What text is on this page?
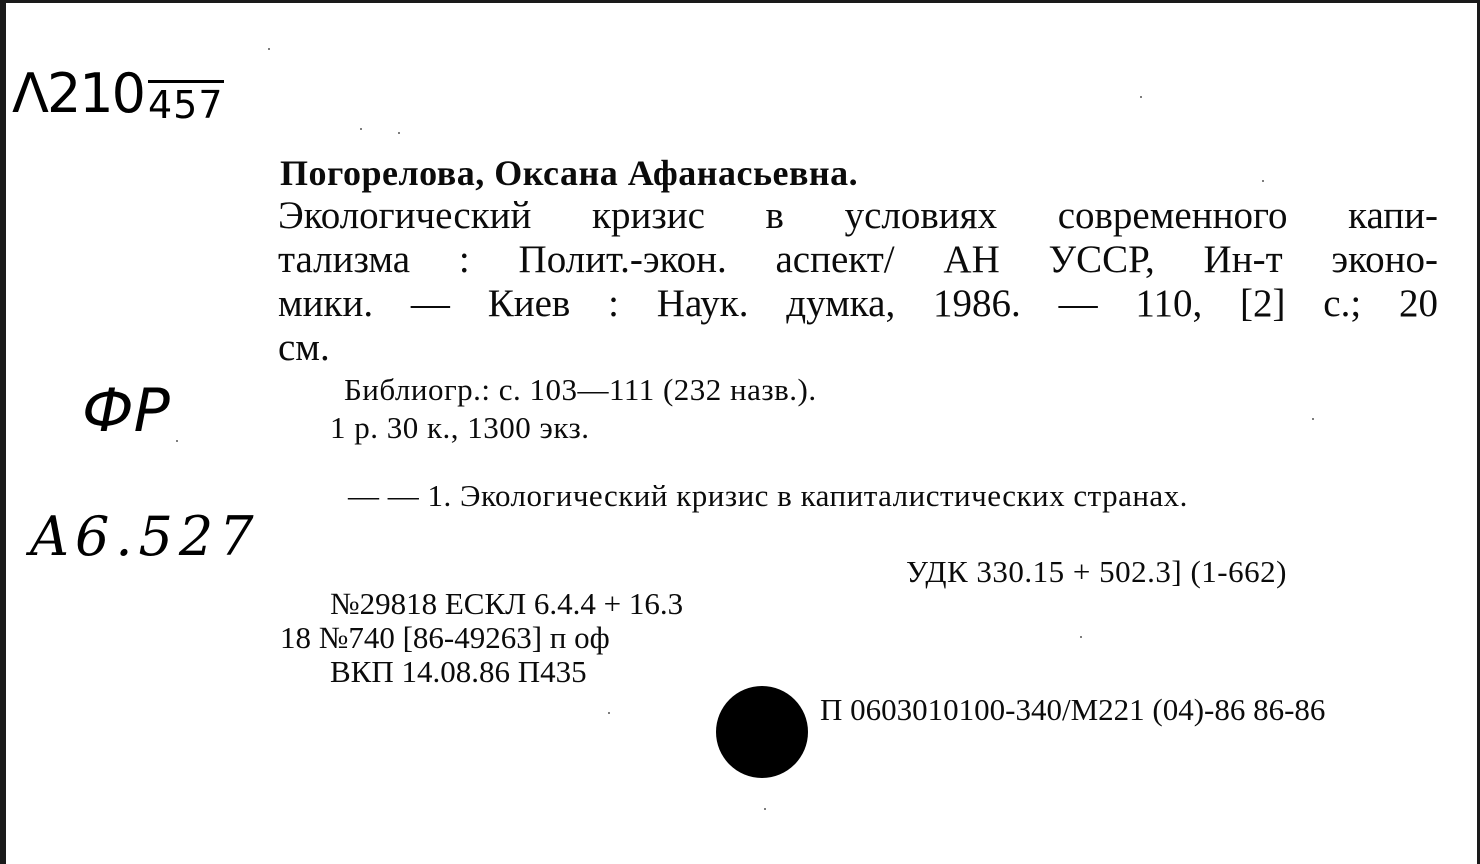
Λ210 457
ФР
A6.527
Погорелова, Оксана Афанасьевна.
Экологический кризис в условиях современного капи-
тализма : Полит.-экон. аспект/ АН УССР, Ин-т эконо-
мики. — Киев : Наук. думка, 1986. — 110, [2] с.; 20
см.
Библиогр.: с. 103—111 (232 назв.).
1 р. 30 к., 1300 экз.
— — 1. Экологический кризис в капиталистических странах.
УДК 330.15 + 502.3] (1-662)
№29818 ЕСКЛ 6.4.4 + 16.3
18 №740 [86-49263] п оф
ВКП 14.08.86 П435
П 0603010100-340/М221 (04)-86 86-86
